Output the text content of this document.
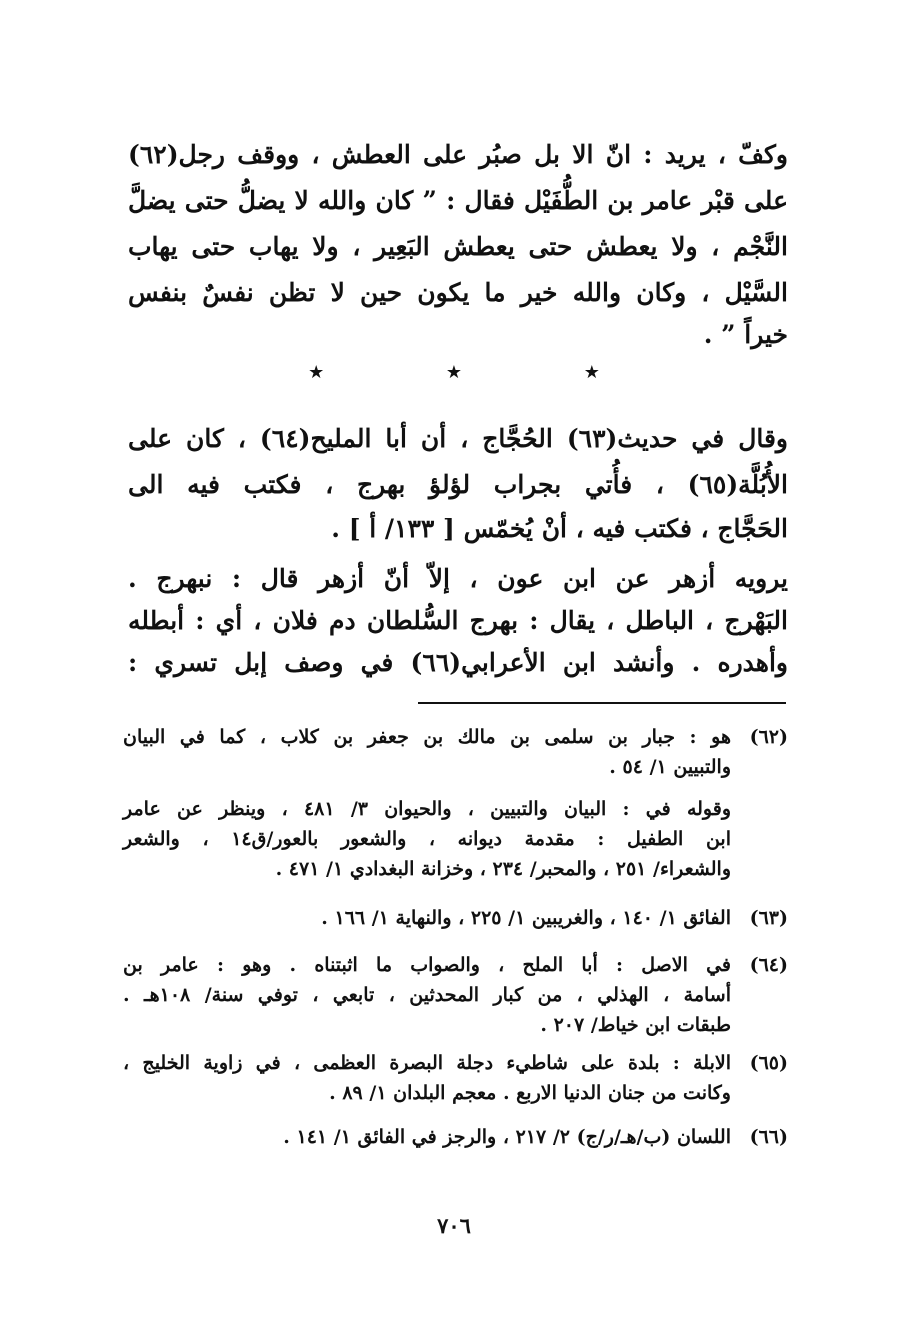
وكفّ ، يريد : انّ الا بل صبُر على العطش ، ووقف رجل(٦٢)
على قبْر عامر بن الطُّفَيْل فقال : ” كان والله لا يضلُّ حتى يضلَّ
النَّجْم ، ولا يعطش حتى يعطش البَعِير ، ولا يهاب حتى يهاب
السَّيْل ، وكان والله خير ما يكون حين لا تظن نفسٌ بنفس
خيراً ” .
★ ★ ★
وقال في حديث(٦٣) الحُجَّاج ، أن أبا المليح(٦٤) ، كان على
الأُبُلَّة(٦٥) ، فأُتي بجراب لؤلؤ بهرج ، فكتب فيه الى
الحَجَّاج ، فكتب فيه ، أنْ يُخمّس [ ١٣٣/ أ ] .
يرويه أزهر عن ابن عون ، إلاّ أنّ أزهر قال : نبهرج .
البَهْرج ، الباطل ، يقال : بهرج السُّلطان دم فلان ، أي : أبطله
وأهدره . وأنشد ابن الأعرابي(٦٦) في وصف إبل تسري :
(٦٢)
هو : جبار بن سلمى بن مالك بن جعفر بن كلاب ، كما في البيان
والتبيين ١/ ٥٤ .
وقوله في : البيان والتبيين ، والحيوان ٣/ ٤٨١ ، وينظر عن عامر
ابن الطفيل : مقدمة ديوانه ، والشعور بالعور/ق١٤ ، والشعر
والشعراء/ ٢٥١ ، والمحبر/ ٢٣٤ ، وخزانة البغدادي ١/ ٤٧١ .
(٦٣)
الفائق ١/ ١٤٠ ، والغريبين ١/ ٢٢٥ ، والنهاية ١/ ١٦٦ .
(٦٤)
في الاصل : أبا الملح ، والصواب ما اثبتناه . وهو : عامر بن
أسامة ، الهذلي ، من كبار المحدثين ، تابعي ، توفي سنة/ ١٠٨هـ .
طبقات ابن خياط/ ٢٠٧ .
(٦٥)
الابلة : بلدة على شاطيء دجلة البصرة العظمى ، في زاوية الخليج ،
وكانت من جنان الدنيا الاربع . معجم البلدان ١/ ٨٩ .
(٦٦)
اللسان (ب/هـ/ر/ج) ٢/ ٢١٧ ، والرجز في الفائق ١/ ١٤١ .
٧٠٦
